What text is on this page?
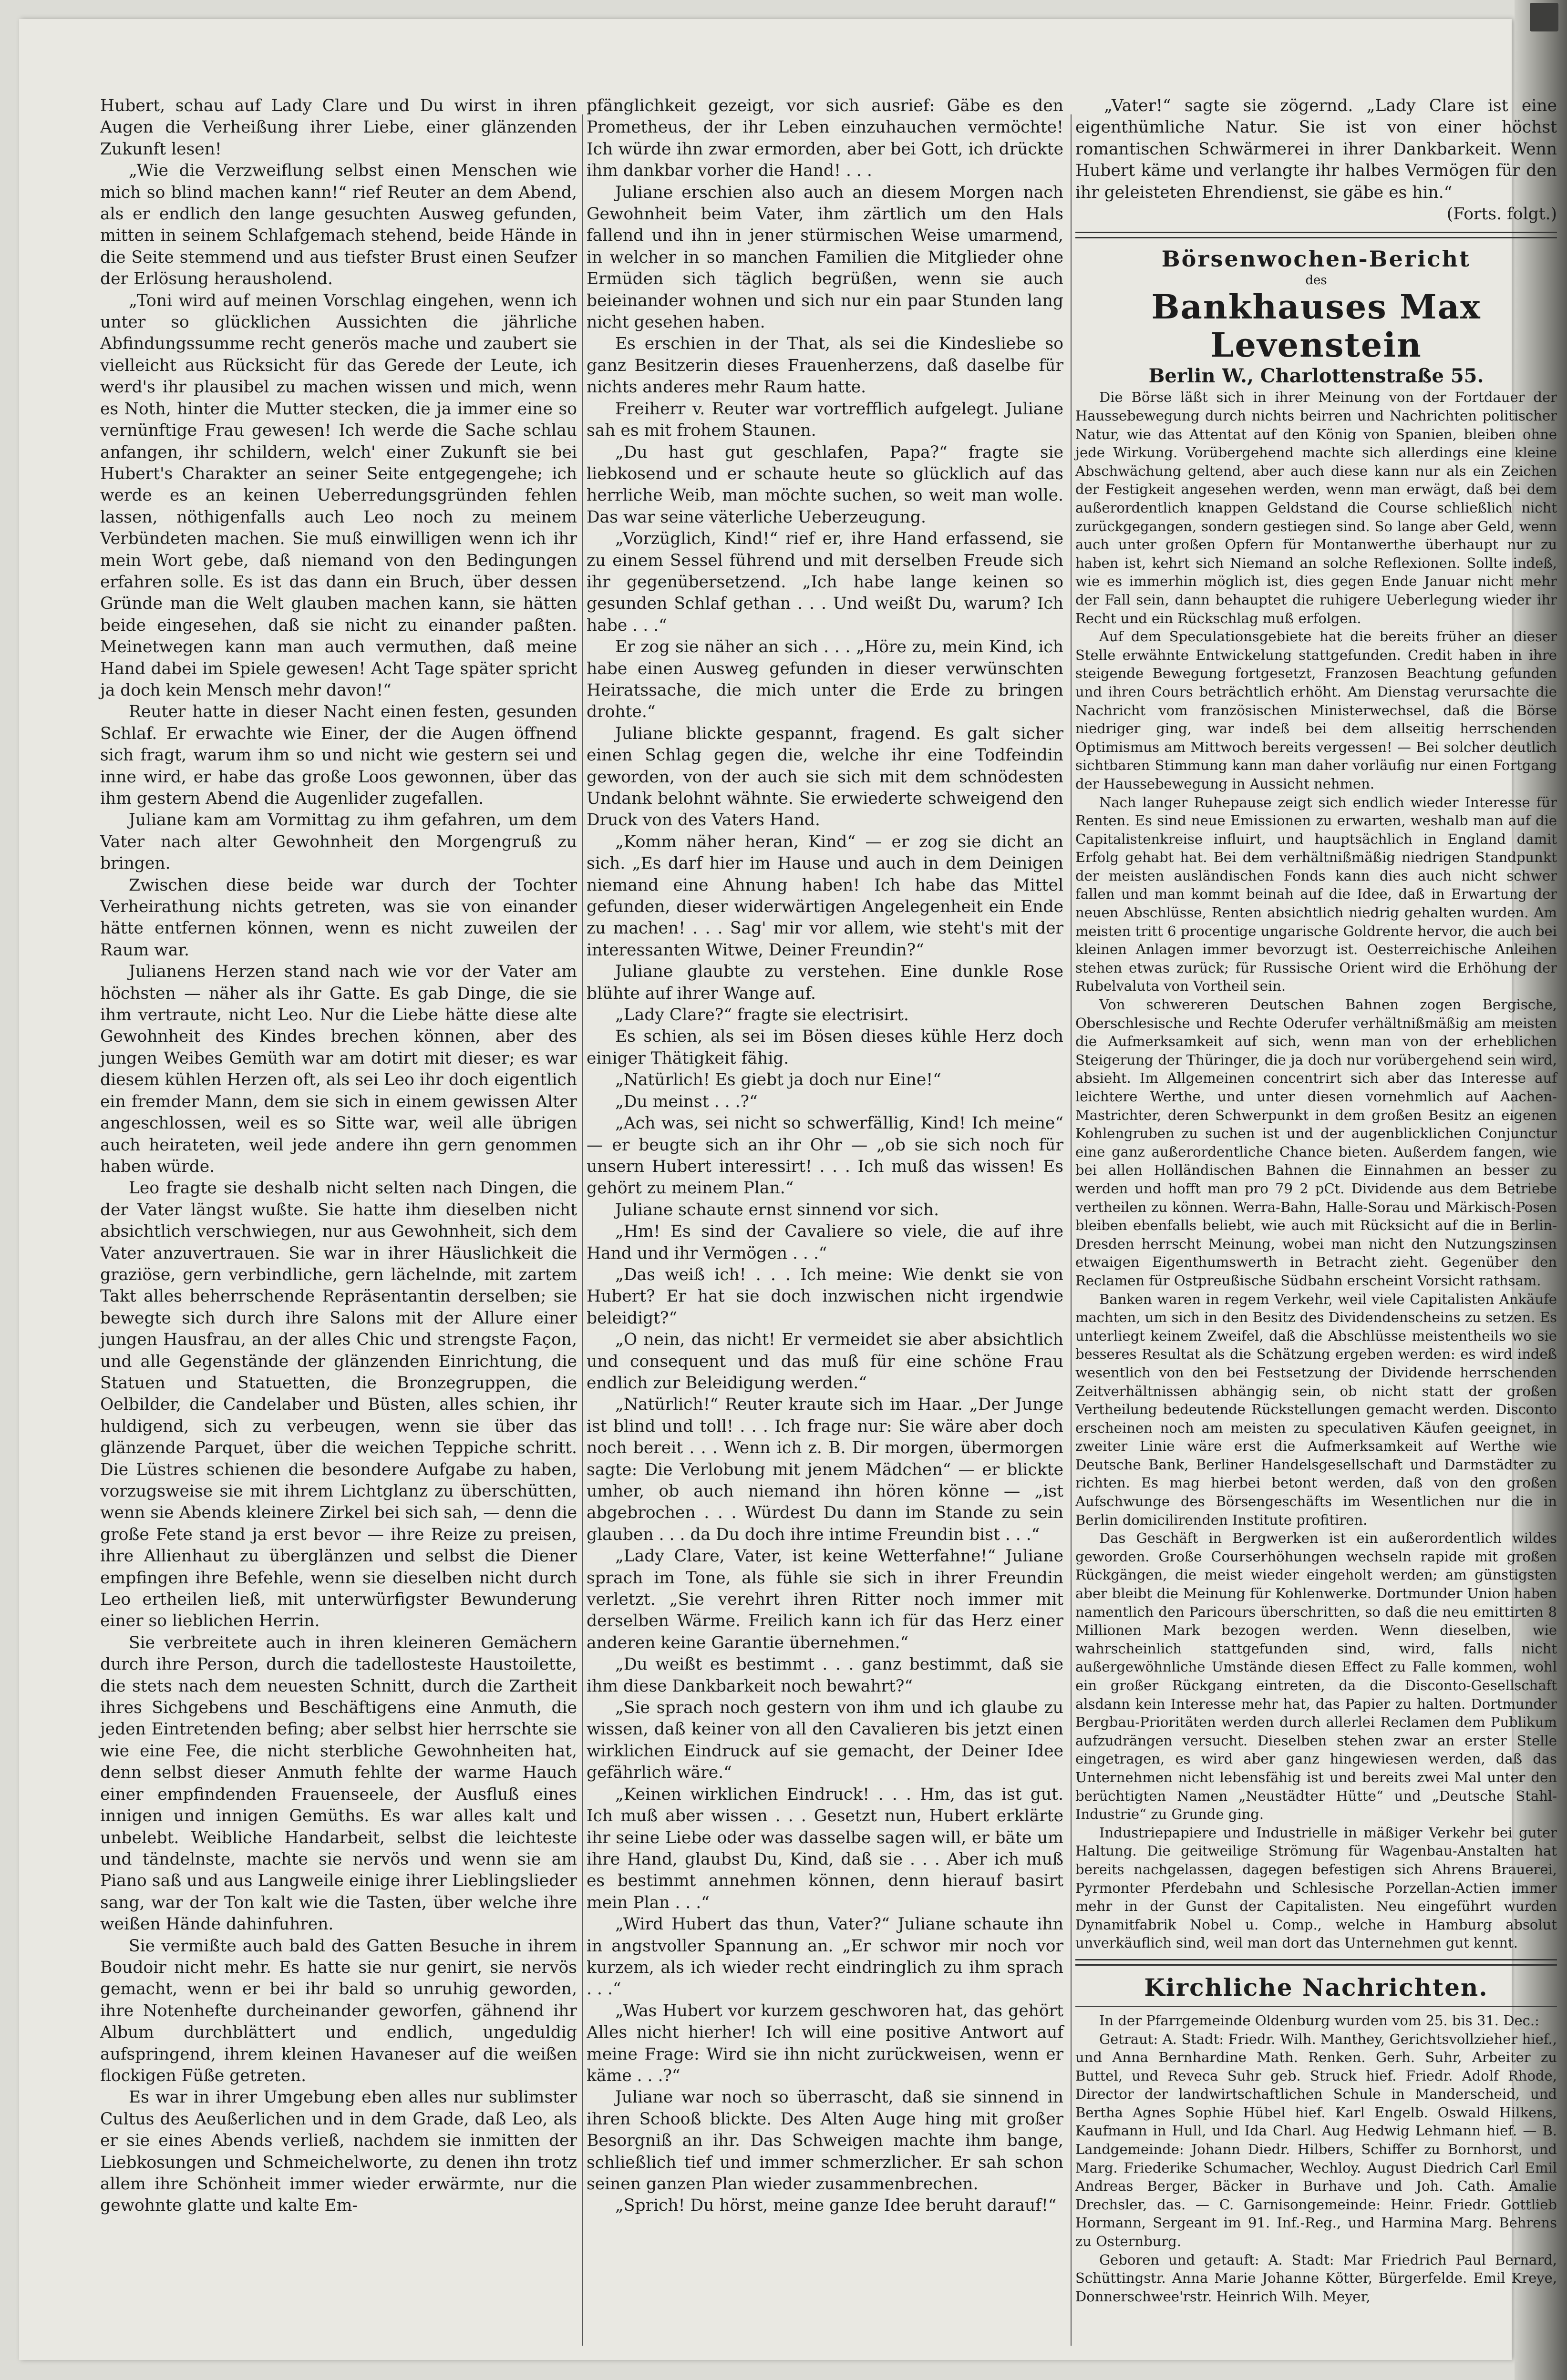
Hubert, schau auf Lady Clare und Du wirst in ihren Augen die Verheißung ihrer Liebe, einer glänzenden Zukunft lesen!

„Wie die Verzweiflung selbst einen Menschen wie mich so blind machen kann!“ rief Reuter an dem Abend, als er endlich den lange gesuchten Ausweg gefunden, mitten in seinem Schlafgemach stehend, beide Hände in die Seite stemmend und aus tiefster Brust einen Seufzer der Erlösung herausholend.

„Toni wird auf meinen Vorschlag eingehen, wenn ich unter so glücklichen Aussichten die jährliche Abfindungssumme recht generös mache und zaubert sie vielleicht aus Rücksicht für das Gerede der Leute, ich werd's ihr plausibel zu machen wissen und mich, wenn es Noth, hinter die Mutter stecken, die ja immer eine so vernünftige Frau gewesen! Ich werde die Sache schlau anfangen, ihr schildern, welch' einer Zukunft sie bei Hubert's Charakter an seiner Seite entgegengehe; ich werde es an keinen Ueberredungsgründen fehlen lassen, nöthigenfalls auch Leo noch zu meinem Verbündeten machen. Sie muß einwilligen wenn ich ihr mein Wort gebe, daß niemand von den Bedingungen erfahren solle. Es ist das dann ein Bruch, über dessen Gründe man die Welt glauben machen kann, sie hätten beide eingesehen, daß sie nicht zu einander paßten. Meinetwegen kann man auch vermuthen, daß meine Hand dabei im Spiele gewesen! Acht Tage später spricht ja doch kein Mensch mehr davon!“

Reuter hatte in dieser Nacht einen festen, gesunden Schlaf. Er erwachte wie Einer, der die Augen öffnend sich fragt, warum ihm so und nicht wie gestern sei und inne wird, er habe das große Loos gewonnen, über das ihm gestern Abend die Augenlider zugefallen.

Juliane kam am Vormittag zu ihm gefahren, um dem Vater nach alter Gewohnheit den Morgengruß zu bringen.

Zwischen diese beide war durch der Tochter Verheirathung nichts getreten, was sie von einander hätte entfernen können, wenn es nicht zuweilen der Raum war.

Julianens Herzen stand nach wie vor der Vater am höchsten — näher als ihr Gatte. Es gab Dinge, die sie ihm vertraute, nicht Leo. Nur die Liebe hätte diese alte Gewohnheit des Kindes brechen können, aber des jungen Weibes Gemüth war am dotirt mit dieser; es war diesem kühlen Herzen oft, als sei Leo ihr doch eigentlich ein fremder Mann, dem sie sich in einem gewissen Alter angeschlossen, weil es so Sitte war, weil alle übrigen auch heirateten, weil jede andere ihn gern genommen haben würde.

Leo fragte sie deshalb nicht selten nach Dingen, die der Vater längst wußte. Sie hatte ihm dieselben nicht absichtlich verschwiegen, nur aus Gewohnheit, sich dem Vater anzuvertrauen. Sie war in ihrer Häuslichkeit die graziöse, gern verbindliche, gern lächelnde, mit zartem Takt alles beherrschende Repräsentantin derselben; sie bewegte sich durch ihre Salons mit der Allure einer jungen Hausfrau, an der alles Chic und strengste Façon, und alle Gegenstände der glänzenden Einrichtung, die Statuen und Statuetten, die Bronzegruppen, die Oelbilder, die Candelaber und Büsten, alles schien, ihr huldigend, sich zu verbeugen, wenn sie über das glänzende Parquet, über die weichen Teppiche schritt. Die Lüstres schienen die besondere Aufgabe zu haben, vorzugsweise sie mit ihrem Lichtglanz zu überschütten, wenn sie Abends kleinere Zirkel bei sich sah, — denn die große Fete stand ja erst bevor — ihre Reize zu preisen, ihre Allienhaut zu überglänzen und selbst die Diener empfingen ihre Befehle, wenn sie dieselben nicht durch Leo ertheilen ließ, mit unterwürfigster Bewunderung einer so lieblichen Herrin.

Sie verbreitete auch in ihren kleineren Gemächern durch ihre Person, durch die tadellosteste Haustoilette, die stets nach dem neuesten Schnitt, durch die Zartheit ihres Sichgebens und Beschäftigens eine Anmuth, die jeden Eintretenden befing; aber selbst hier herrschte sie wie eine Fee, die nicht sterbliche Gewohnheiten hat, denn selbst dieser Anmuth fehlte der warme Hauch einer empfindenden Frauenseele, der Ausfluß eines innigen und innigen Gemüths. Es war alles kalt und unbelebt. Weibliche Handarbeit, selbst die leichteste und tändelnste, machte sie nervös und wenn sie am Piano saß und aus Langweile einige ihrer Lieblingslieder sang, war der Ton kalt wie die Tasten, über welche ihre weißen Hände dahinfuhren.

Sie vermißte auch bald des Gatten Besuche in ihrem Boudoir nicht mehr. Es hatte sie nur genirt, sie nervös gemacht, wenn er bei ihr bald so unruhig geworden, ihre Notenhefte durcheinander geworfen, gähnend ihr Album durchblättert und endlich, ungeduldig aufspringend, ihrem kleinen Havaneser auf die weißen flockigen Füße getreten.

Es war in ihrer Umgebung eben alles nur sublimster Cultus des Aeußerlichen und in dem Grade, daß Leo, als er sie eines Abends verließ, nachdem sie inmitten der Liebkosungen und Schmeichelworte, zu denen ihn trotz allem ihre Schönheit immer wieder erwärmte, nur die gewohnte glatte und kalte Em-

pfänglichkeit gezeigt, vor sich ausrief: Gäbe es den Prometheus, der ihr Leben einzuhauchen vermöchte! Ich würde ihn zwar ermorden, aber bei Gott, ich drückte ihm dankbar vorher die Hand! . . .

Juliane erschien also auch an diesem Morgen nach Gewohnheit beim Vater, ihm zärtlich um den Hals fallend und ihn in jener stürmischen Weise umarmend, in welcher in so manchen Familien die Mitglieder ohne Ermüden sich täglich begrüßen, wenn sie auch beieinander wohnen und sich nur ein paar Stunden lang nicht gesehen haben.

Es erschien in der That, als sei die Kindesliebe so ganz Besitzerin dieses Frauenherzens, daß daselbe für nichts anderes mehr Raum hatte.

Freiherr v. Reuter war vortrefflich aufgelegt. Juliane sah es mit frohem Staunen.

„Du hast gut geschlafen, Papa?“ fragte sie liebkosend und er schaute heute so glücklich auf das herrliche Weib, man möchte suchen, so weit man wolle. Das war seine väterliche Ueberzeugung.

„Vorzüglich, Kind!“ rief er, ihre Hand erfassend, sie zu einem Sessel führend und mit derselben Freude sich ihr gegenübersetzend. „Ich habe lange keinen so gesunden Schlaf gethan . . . Und weißt Du, warum? Ich habe . . .“

Er zog sie näher an sich . . . „Höre zu, mein Kind, ich habe einen Ausweg gefunden in dieser verwünschten Heiratssache, die mich unter die Erde zu bringen drohte.“

Juliane blickte gespannt, fragend. Es galt sicher einen Schlag gegen die, welche ihr eine Todfeindin geworden, von der auch sie sich mit dem schnödesten Undank belohnt wähnte. Sie erwiederte schweigend den Druck von des Vaters Hand.

„Komm näher heran, Kind“ — er zog sie dicht an sich. „Es darf hier im Hause und auch in dem Deinigen niemand eine Ahnung haben! Ich habe das Mittel gefunden, dieser widerwärtigen Angelegenheit ein Ende zu machen! . . . Sag' mir vor allem, wie steht's mit der interessanten Witwe, Deiner Freundin?“

Juliane glaubte zu verstehen. Eine dunkle Rose blühte auf ihrer Wange auf.

„Lady Clare?“ fragte sie electrisirt.

Es schien, als sei im Bösen dieses kühle Herz doch einiger Thätigkeit fähig.

„Natürlich! Es giebt ja doch nur Eine!“

„Du meinst . . .?“

„Ach was, sei nicht so schwerfällig, Kind! Ich meine“ — er beugte sich an ihr Ohr — „ob sie sich noch für unsern Hubert interessirt! . . . Ich muß das wissen! Es gehört zu meinem Plan.“

Juliane schaute ernst sinnend vor sich.

„Hm! Es sind der Cavaliere so viele, die auf ihre Hand und ihr Vermögen . . .“

„Das weiß ich! . . . Ich meine: Wie denkt sie von Hubert? Er hat sie doch inzwischen nicht irgendwie beleidigt?“

„O nein, das nicht! Er vermeidet sie aber absichtlich und consequent und das muß für eine schöne Frau endlich zur Beleidigung werden.“

„Natürlich!“ Reuter kraute sich im Haar. „Der Junge ist blind und toll! . . . Ich frage nur: Sie wäre aber doch noch bereit . . . Wenn ich z. B. Dir morgen, übermorgen sagte: Die Verlobung mit jenem Mädchen“ — er blickte umher, ob auch niemand ihn hören könne — „ist abgebrochen . . . Würdest Du dann im Stande zu sein glauben . . . da Du doch ihre intime Freundin bist . . .“

„Lady Clare, Vater, ist keine Wetterfahne!“ Juliane sprach im Tone, als fühle sie sich in ihrer Freundin verletzt. „Sie verehrt ihren Ritter noch immer mit derselben Wärme. Freilich kann ich für das Herz einer anderen keine Garantie übernehmen.“

„Du weißt es bestimmt . . . ganz bestimmt, daß sie ihm diese Dankbarkeit noch bewahrt?“

„Sie sprach noch gestern von ihm und ich glaube zu wissen, daß keiner von all den Cavalieren bis jetzt einen wirklichen Eindruck auf sie gemacht, der Deiner Idee gefährlich wäre.“

„Keinen wirklichen Eindruck! . . . Hm, das ist gut. Ich muß aber wissen . . . Gesetzt nun, Hubert erklärte ihr seine Liebe oder was dasselbe sagen will, er bäte um ihre Hand, glaubst Du, Kind, daß sie . . . Aber ich muß es bestimmt annehmen können, denn hierauf basirt mein Plan . . .“

„Wird Hubert das thun, Vater?“ Juliane schaute ihn in angstvoller Spannung an. „Er schwor mir noch vor kurzem, als ich wieder recht eindringlich zu ihm sprach . . .“

„Was Hubert vor kurzem geschworen hat, das gehört Alles nicht hierher! Ich will eine positive Antwort auf meine Frage: Wird sie ihn nicht zurückweisen, wenn er käme . . .?“

Juliane war noch so überrascht, daß sie sinnend in ihren Schooß blickte. Des Alten Auge hing mit großer Besorgniß an ihr. Das Schweigen machte ihm bange, schließlich tief und immer schmerzlicher. Er sah schon seinen ganzen Plan wieder zusammenbrechen.

„Sprich! Du hörst, meine ganze Idee beruht darauf!“

„Vater!“ sagte sie zögernd. „Lady Clare ist eine eigenthümliche Natur. Sie ist von einer höchst romantischen Schwärmerei in ihrer Dankbarkeit. Wenn Hubert käme und verlangte ihr halbes Vermögen für den ihr geleisteten Ehrendienst, sie gäbe es hin.“

(Forts. folgt.)
Börsenwochen-Bericht
des
Bankhauses Max Levenstein
Berlin W., Charlottenstraße 55.

Die Börse läßt sich in ihrer Meinung von der Fortdauer der Haussebewegung durch nichts beirren und Nachrichten politischer Natur, wie das Attentat auf den König von Spanien, bleiben ohne jede Wirkung. Vorübergehend machte sich allerdings eine kleine Abschwächung geltend, aber auch diese kann nur als ein Zeichen der Festigkeit angesehen werden, wenn man erwägt, daß bei dem außerordentlich knappen Geldstand die Course schließlich nicht zurückgegangen, sondern gestiegen sind. So lange aber Geld, wenn auch unter großen Opfern für Montanwerthe überhaupt nur zu haben ist, kehrt sich Niemand an solche Reflexionen. Sollte indeß, wie es immerhin möglich ist, dies gegen Ende Januar nicht mehr der Fall sein, dann behauptet die ruhigere Ueberlegung wieder ihr Recht und ein Rückschlag muß erfolgen.

Auf dem Speculationsgebiete hat die bereits früher an dieser Stelle erwähnte Entwickelung stattgefunden. Credit haben in ihre steigende Bewegung fortgesetzt, Franzosen Beachtung gefunden und ihren Cours beträchtlich erhöht. Am Dienstag verursachte die Nachricht vom französischen Ministerwechsel, daß die Börse niedriger ging, war indeß bei dem allseitig herrschenden Optimismus am Mittwoch bereits vergessen! — Bei solcher deutlich sichtbaren Stimmung kann man daher vorläufig nur einen Fortgang der Haussebewegung in Aussicht nehmen.

Nach langer Ruhepause zeigt sich endlich wieder Interesse für Renten. Es sind neue Emissionen zu erwarten, weshalb man auf die Capitalistenkreise influirt, und hauptsächlich in England damit Erfolg gehabt hat. Bei dem verhältnißmäßig niedrigen Standpunkt der meisten ausländischen Fonds kann dies auch nicht schwer fallen und man kommt beinah auf die Idee, daß in Erwartung der neuen Abschlüsse, Renten absichtlich niedrig gehalten wurden. Am meisten tritt 6 procentige ungarische Goldrente hervor, die auch bei kleinen Anlagen immer bevorzugt ist. Oesterreichische Anleihen stehen etwas zurück; für Russische Orient wird die Erhöhung der Rubelvaluta von Vortheil sein.

Von schwereren Deutschen Bahnen zogen Bergische, Oberschlesische und Rechte Oderufer verhältnißmäßig am meisten die Aufmerksamkeit auf sich, wenn man von der erheblichen Steigerung der Thüringer, die ja doch nur vorübergehend sein wird, absieht. Im Allgemeinen concentrirt sich aber das Interesse auf leichtere Werthe, und unter diesen vornehmlich auf Aachen-Mastrichter, deren Schwerpunkt in dem großen Besitz an eigenen Kohlengruben zu suchen ist und der augenblicklichen Conjunctur eine ganz außerordentliche Chance bieten. Außerdem fangen, wie bei allen Holländischen Bahnen die Einnahmen an besser zu werden und hofft man pro 79 2 pCt. Dividende aus dem Betriebe vertheilen zu können. Werra-Bahn, Halle-Sorau und Märkisch-Posen bleiben ebenfalls beliebt, wie auch mit Rücksicht auf die in Berlin-Dresden herrscht Meinung, wobei man nicht den Nutzungszinsen etwaigen Eigenthumswerth in Betracht zieht. Gegenüber den Reclamen für Ostpreußische Südbahn erscheint Vorsicht rathsam.

Banken waren in regem Verkehr, weil viele Capitalisten Ankäufe machten, um sich in den Besitz des Dividendenscheins zu setzen. Es unterliegt keinem Zweifel, daß die Abschlüsse meistentheils wo sie besseres Resultat als die Schätzung ergeben werden: es wird indeß wesentlich von den bei Festsetzung der Dividende herrschenden Zeitverhältnissen abhängig sein, ob nicht statt der großen Vertheilung bedeutende Rückstellungen gemacht werden. Disconto erscheinen noch am meisten zu speculativen Käufen geeignet, in zweiter Linie wäre erst die Aufmerksamkeit auf Werthe wie Deutsche Bank, Berliner Handelsgesellschaft und Darmstädter zu richten. Es mag hierbei betont werden, daß von den großen Aufschwunge des Börsengeschäfts im Wesentlichen nur die in Berlin domicilirenden Institute profitiren.

Das Geschäft in Bergwerken ist ein außerordentlich wildes geworden. Große Courserhöhungen wechseln rapide mit großen Rückgängen, die meist wieder eingeholt werden; am günstigsten aber bleibt die Meinung für Kohlenwerke. Dortmunder Union haben namentlich den Paricours überschritten, so daß die neu emittirten 8 Millionen Mark bezogen werden. Wenn dieselben, wie wahrscheinlich stattgefunden sind, wird, falls nicht außergewöhnliche Umstände diesen Effect zu Falle kommen, wohl ein großer Rückgang eintreten, da die Disconto-Gesellschaft alsdann kein Interesse mehr hat, das Papier zu halten. Dortmunder Bergbau-Prioritäten werden durch allerlei Reclamen dem Publikum aufzudrängen versucht. Dieselben stehen zwar an erster Stelle eingetragen, es wird aber ganz hingewiesen werden, daß das Unternehmen nicht lebensfähig ist und bereits zwei Mal unter den berüchtigten Namen „Neustädter Hütte“ und „Deutsche Stahl-Industrie“ zu Grunde ging.

Industriepapiere und Industrielle in mäßiger Verkehr bei guter Haltung. Die geitweilige Strömung für Wagenbau-Anstalten hat bereits nachgelassen, dagegen befestigen sich Ahrens Brauerei, Pyrmonter Pferdebahn und Schlesische Porzellan-Actien immer mehr in der Gunst der Capitalisten. Neu eingeführt wurden Dynamitfabrik Nobel u. Comp., welche in Hamburg absolut unverkäuflich sind, weil man dort das Unternehmen gut kennt.

Kirchliche Nachrichten.

In der Pfarrgemeinde Oldenburg wurden vom 25. bis 31. Dec.:

Getraut: A. Stadt: Friedr. Wilh. Manthey, Gerichtsvollzieher hief., und Anna Bernhardine Math. Renken. Gerh. Suhr, Arbeiter zu Buttel, und Reveca Suhr geb. Struck hief. Friedr. Adolf Rhode, Director der landwirtschaftlichen Schule in Manderscheid, und Bertha Agnes Sophie Hübel hief. Karl Engelb. Oswald Hilkens, Kaufmann in Hull, und Ida Charl. Aug Hedwig Lehmann hief. — B. Landgemeinde: Johann Diedr. Hilbers, Schiffer zu Bornhorst, und Marg. Friederike Schumacher, Wechloy. August Diedrich Carl Emil Andreas Berger, Bäcker in Burhave und Joh. Cath. Amalie Drechsler, das. — C. Garnisongemeinde: Heinr. Friedr. Gottlieb Hormann, Sergeant im 91. Inf.-Reg., und Harmina Marg. Behrens zu Osternburg.

Geboren und getauft: A. Stadt: Mar Friedrich Paul Bernard, Schüttingstr. Anna Marie Johanne Kötter, Bürgerfelde. Emil Kreye, Donnerschwee'rstr. Heinrich Wilh. Meyer,
